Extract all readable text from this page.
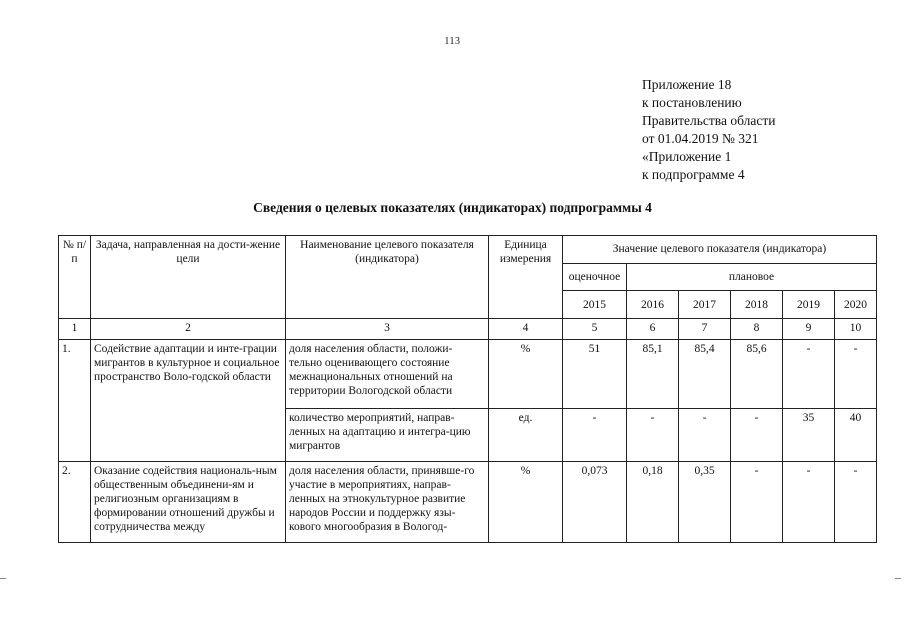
113
Приложение 18
к постановлению
Правительства области
от 01.04.2019 № 321
«Приложение 1
к подпрограмме 4
Сведения о целевых показателях (индикаторах) подпрограммы 4
№ п/п	Задача, направленная на дости-жение цели	Наименование целевого показателя (индикатора)	Единица измерения	Значение целевого показателя (индикатора)					
				оценочное	плановое				
				2015	2016	2017	2018	2019	2020
1	2	3	4	5	6	7	8	9	10
1.	Содействие адаптации и инте-грации мигрантов в культурное и социальное пространство Воло-годской области	доля населения области, положи-тельно оценивающего состояние межнациональных отношений на территории Вологодской области	%	51	85,1	85,4	85,6	-	-
		количество мероприятий, направ-ленных на адаптацию и интегра-цию мигрантов	ед.	-	-	-	-	35	40
2.	Оказание содействия националь-ным общественным объединени-ям и религиозным организациям в формировании отношений дружбы и сотрудничества между	доля населения области, принявше-го участие в мероприятиях, направ-ленных на этнокультурное развитие народов России и поддержку язы-кового многообразия в Вологод-	%	0,073	0,18	0,35	-	-	-
